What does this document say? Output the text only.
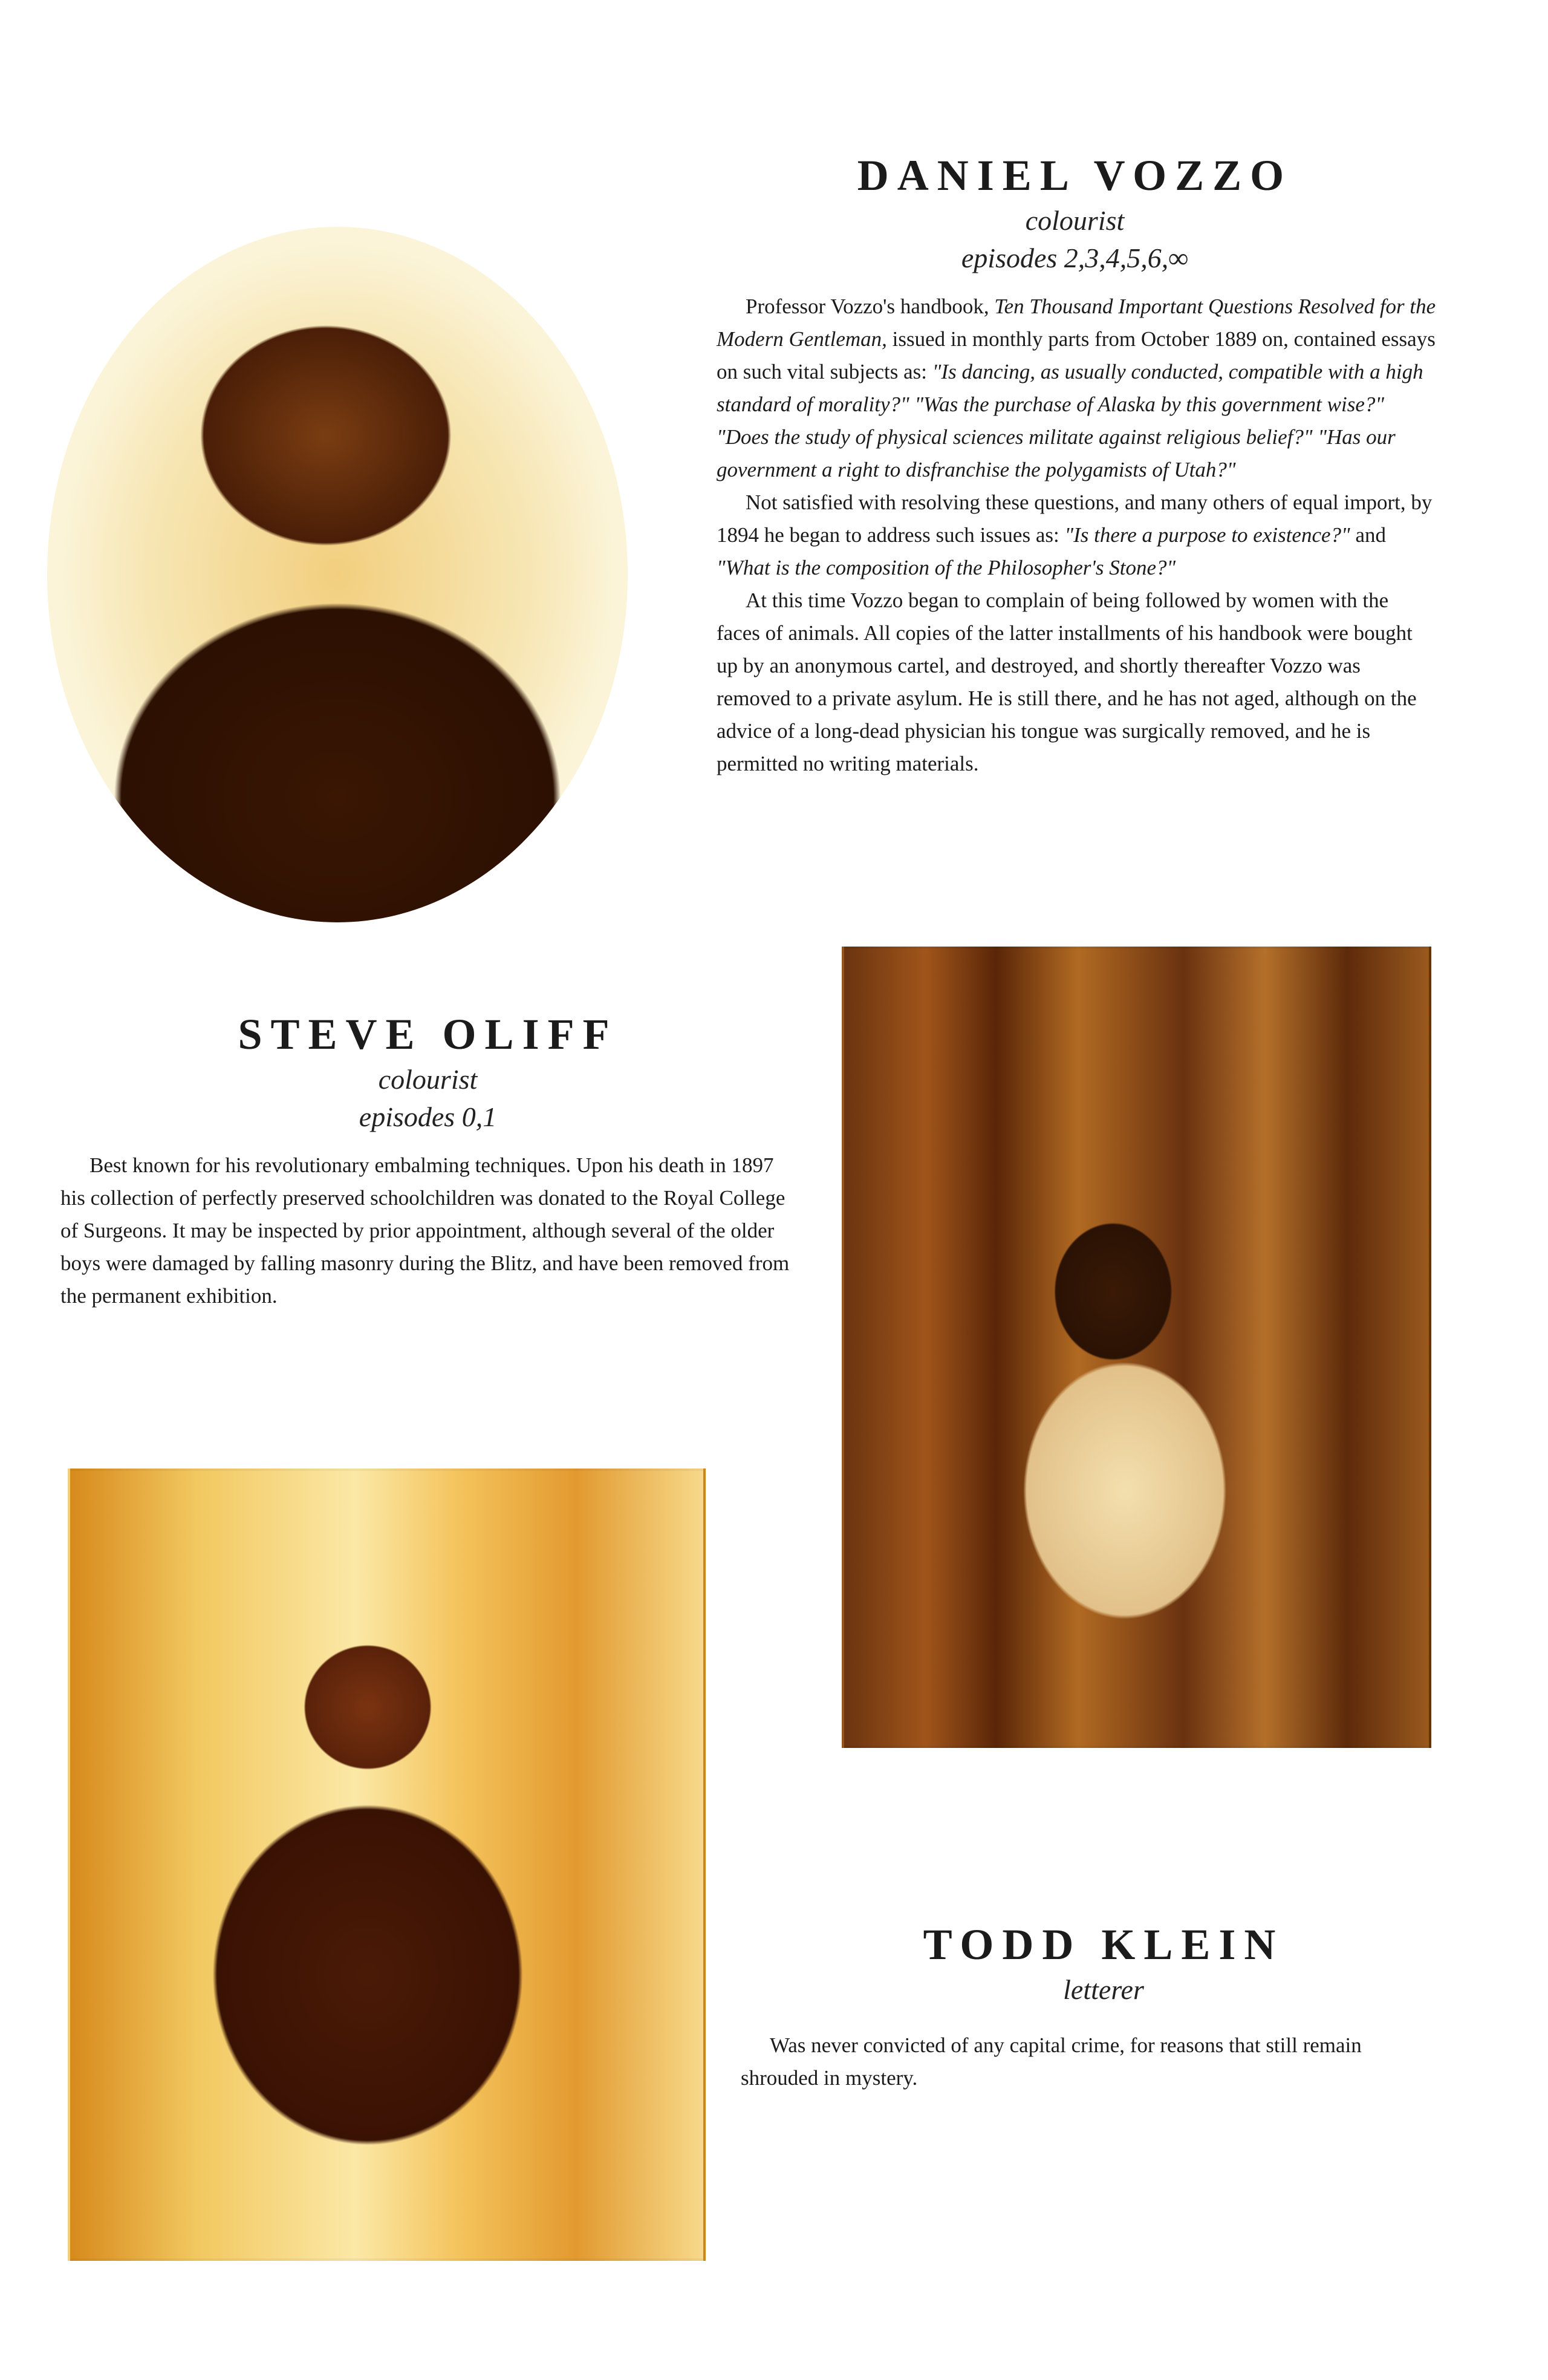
DANIEL VOZZO
colourist
episodes 2,3,4,5,6,∞

Professor Vozzo's handbook, Ten Thousand Important Questions Resolved for the Modern Gentleman, issued in monthly parts from October 1889 on, contained essays on such vital subjects as: "Is dancing, as usually conducted, compatible with a high standard of morality?" "Was the purchase of Alaska by this government wise?" "Does the study of physical sciences militate against religious belief?" "Has our government a right to disfranchise the polygamists of Utah?"

Not satisfied with resolving these questions, and many others of equal import, by 1894 he began to address such issues as: "Is there a purpose to existence?" and "What is the composition of the Philosopher's Stone?"

At this time Vozzo began to complain of being followed by women with the faces of animals. All copies of the latter installments of his handbook were bought up by an anonymous cartel, and destroyed, and shortly thereafter Vozzo was removed to a private asylum. He is still there, and he has not aged, although on the advice of a long-dead physician his tongue was surgically removed, and he is permitted no writing materials.

STEVE OLIFF
colourist
episodes 0,1

Best known for his revolutionary embalming techniques. Upon his death in 1897 his collection of perfectly preserved schoolchildren was donated to the Royal College of Surgeons. It may be inspected by prior appointment, although several of the older boys were damaged by falling masonry during the Blitz, and have been removed from the permanent exhibition.

TODD KLEIN
letterer

Was never convicted of any capital crime, for reasons that still remain shrouded in mystery.
